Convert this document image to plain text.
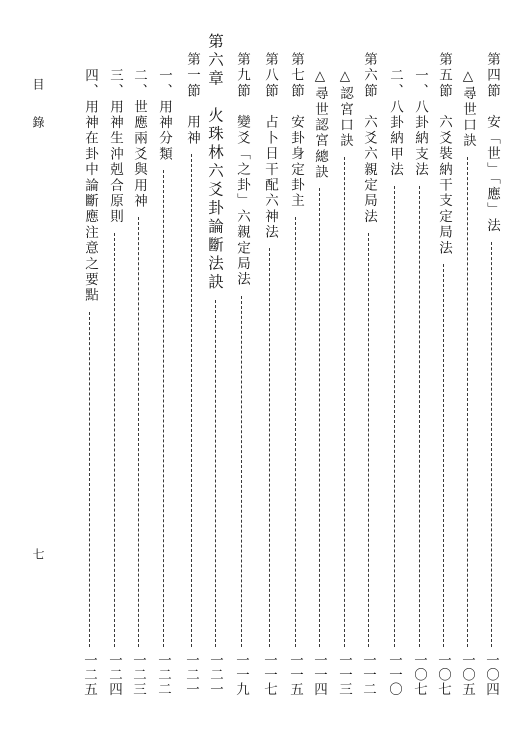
目
錄
七
第四節　安「世」「應」法
一〇四
△尋世口訣
一〇五
第五節　六爻裝納干支定局法
一〇七
一、八卦納支法
一〇七
二、八卦納甲法
一一〇
第六節　六爻六親定局法
一一二
△認宮口訣
一一三
△尋世認宮總訣
一一四
第七節　安卦身定卦主
一一五
第八節　占卜日干配六神法
一一七
第九節　變爻「之卦」六親定局法
一一九
第六章　火珠林六爻卦論斷法訣
一二一
第一節　用神
一二一
一、用神分類
一二二
二、世應兩爻與用神
一二三
三、用神生沖剋合原則
一二四
四、用神在卦中論斷應注意之要點
一二五
